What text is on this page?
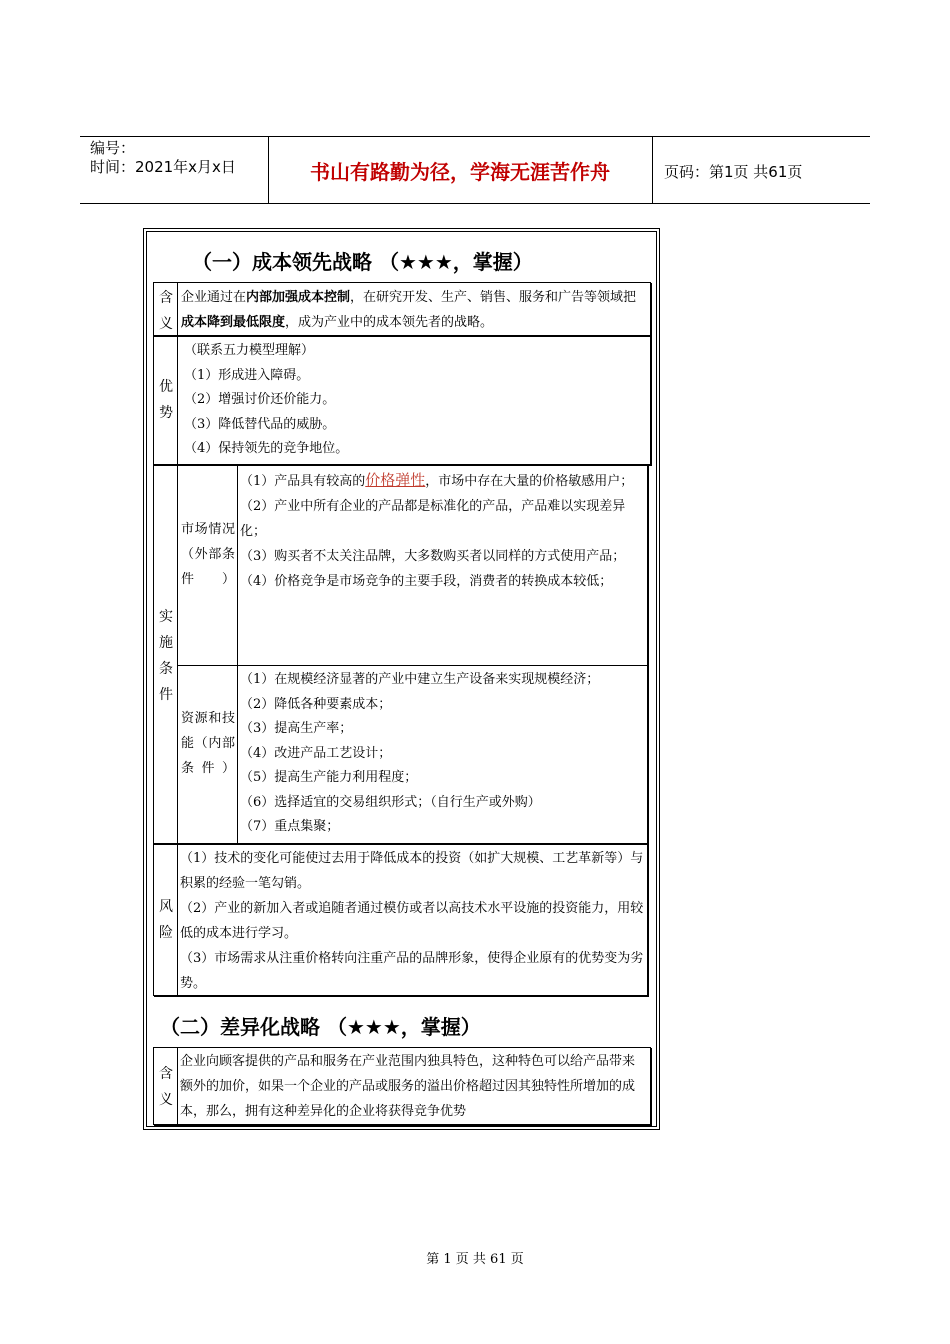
编号：
时间：2021年x月x日	书山有路勤为径，学海无涯苦作舟	页码：第1页 共61页
（一）成本领先战略 （★★★，掌握）
含义
企业通过在内部加强成本控制，在研究开发、生产、销售、服务和广告等领域把成本降到最低限度，成为产业中的成本领先者的战略。
优势

（联系五力模型理解）

（1）形成进入障碍。

（2）增强讨价还价能力。

（3）降低替代品的威胁。

（4）保持领先的竞争地位。

实施条件
市场情况（外部条件）

（1）产品具有较高的价格弹性，市场中存在大量的价格敏感用户；

（2）产业中所有企业的产品都是标准化的产品，产品难以实现差异化；

（3）购买者不太关注品牌，大多数购买者以同样的方式使用产品；

（4）价格竞争是市场竞争的主要手段，消费者的转换成本较低；

资源和技能（内部条件）

（1）在规模经济显著的产业中建立生产设备来实现规模经济；

（2）降低各种要素成本；

（3）提高生产率；

（4）改进产品工艺设计；

（5）提高生产能力利用程度；

（6）选择适宜的交易组织形式；（自行生产或外购）

（7）重点集聚；

风险

（1）技术的变化可能使过去用于降低成本的投资（如扩大规模、工艺革新等）与积累的经验一笔勾销。

（2）产业的新加入者或追随者通过模仿或者以高技术水平设施的投资能力，用较低的成本进行学习。

（3）市场需求从注重价格转向注重产品的品牌形象，使得企业原有的优势变为劣势。

（二）差异化战略 （★★★，掌握）
含义
企业向顾客提供的产品和服务在产业范围内独具特色，这种特色可以给产品带来额外的加价，如果一个企业的产品或服务的溢出价格超过因其独特性所增加的成本，那么，拥有这种差异化的企业将获得竞争优势
第 1 页 共 61 页
